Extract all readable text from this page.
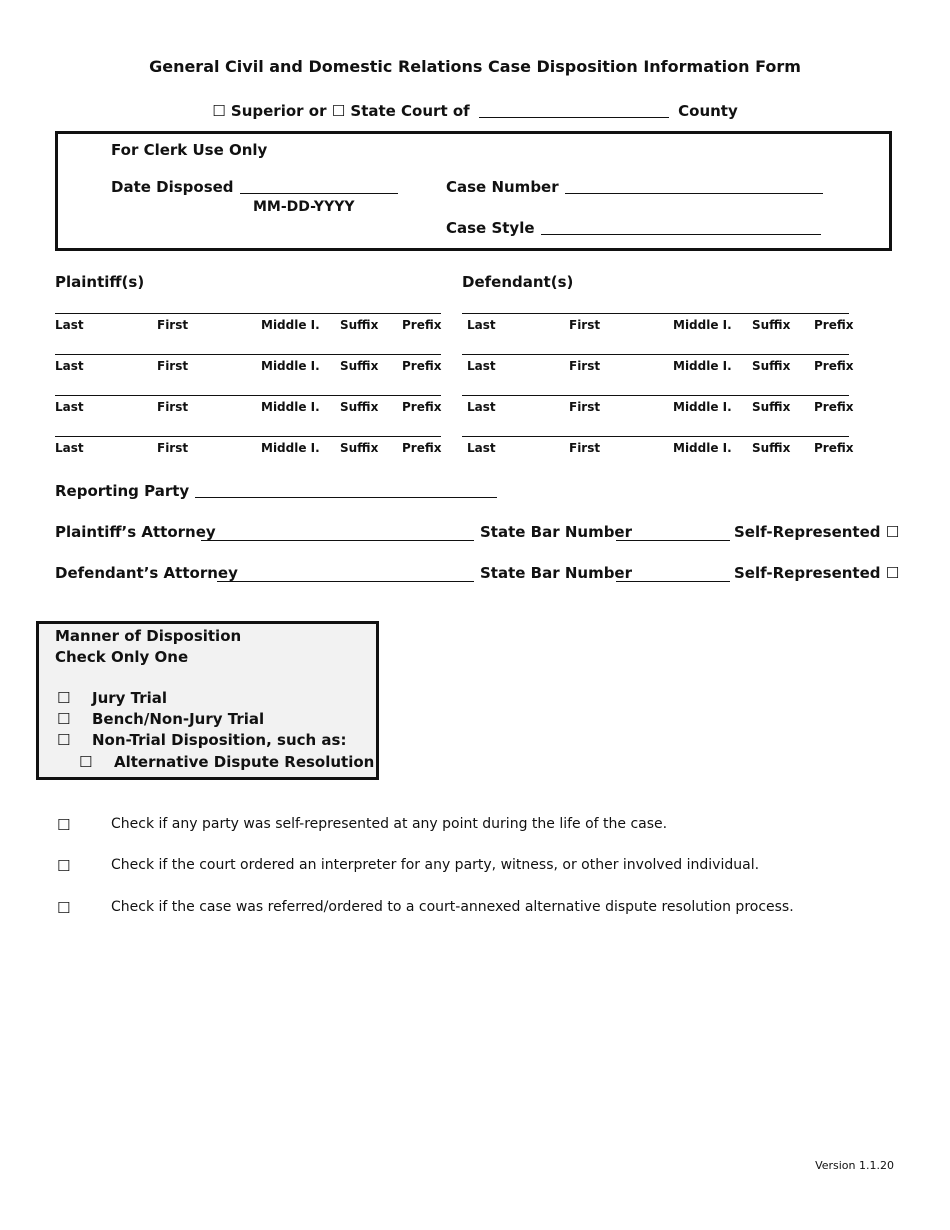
General Civil and Domestic Relations Case Disposition Information Form
☐ Superior or ☐ State Court of	County
For Clerk Use Only
Date Disposed
MM-DD-YYYY
Case Number
Case Style
Plaintiff(s)	Defendant(s)
Last	First	Middle I. Suffix Prefix Last	First	Middle I. Suffix Prefix
Last	First	Middle I. Suffix Prefix Last	First	Middle I. Suffix Prefix
Last	First	Middle I. Suffix Prefix Last	First	Middle I. Suffix Prefix
Last	First	Middle I. Suffix Prefix Last	First	Middle I. Suffix Prefix
Reporting Party
Plaintiff’s Attorney	State Bar Number	Self-Represented ☐
Defendant’s Attorney	State Bar Number	Self-Represented ☐
Manner of Disposition
Check Only One
☐ Jury Trial
☐ Bench/Non-Jury Trial
☐ Non-Trial Disposition, such as:
☐ Alternative Dispute Resolution
☐	Check if any party was self-represented at any point during the life of the case.
☐	Check if the court ordered an interpreter for any party, witness, or other involved individual.
☐	Check if the case was referred/ordered to a court-annexed alternative dispute resolution process.
Version 1.1.20
